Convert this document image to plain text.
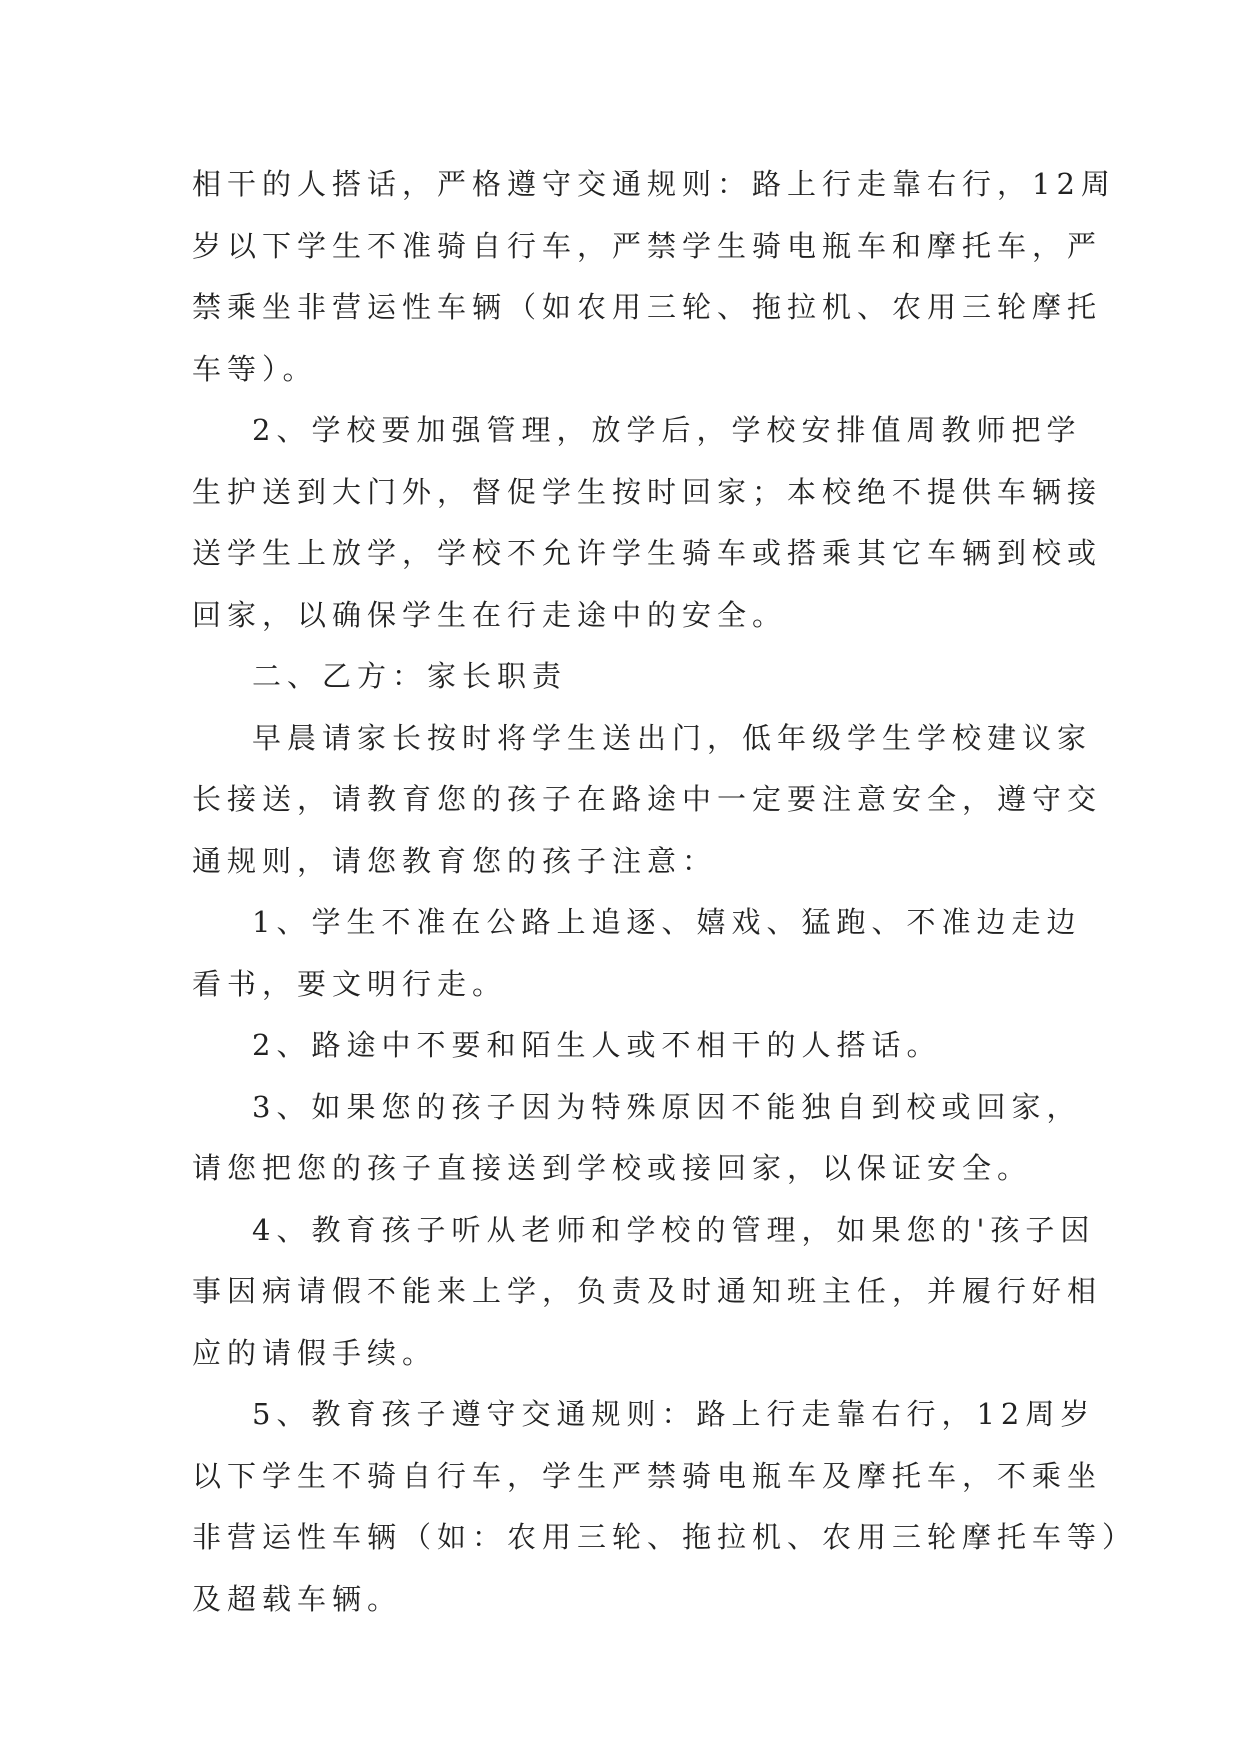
相干的人搭话，严格遵守交通规则：路上行走靠右行，12周

岁以下学生不准骑自行车，严禁学生骑电瓶车和摩托车，严

禁乘坐非营运性车辆（如农用三轮、拖拉机、农用三轮摩托

车等）。

2、学校要加强管理，放学后，学校安排值周教师把学

生护送到大门外，督促学生按时回家；本校绝不提供车辆接

送学生上放学，学校不允许学生骑车或搭乘其它车辆到校或

回家，以确保学生在行走途中的安全。

二、乙方：家长职责

早晨请家长按时将学生送出门，低年级学生学校建议家

长接送，请教育您的孩子在路途中一定要注意安全，遵守交

通规则，请您教育您的孩子注意：

1、学生不准在公路上追逐、嬉戏、猛跑、不准边走边

看书，要文明行走。

2、路途中不要和陌生人或不相干的人搭话。

3、如果您的孩子因为特殊原因不能独自到校或回家，

请您把您的孩子直接送到学校或接回家，以保证安全。

4、教育孩子听从老师和学校的管理，如果您的'孩子因

事因病请假不能来上学，负责及时通知班主任，并履行好相

应的请假手续。

5、教育孩子遵守交通规则：路上行走靠右行，12周岁

以下学生不骑自行车，学生严禁骑电瓶车及摩托车，不乘坐

非营运性车辆（如：农用三轮、拖拉机、农用三轮摩托车等）

及超载车辆。
